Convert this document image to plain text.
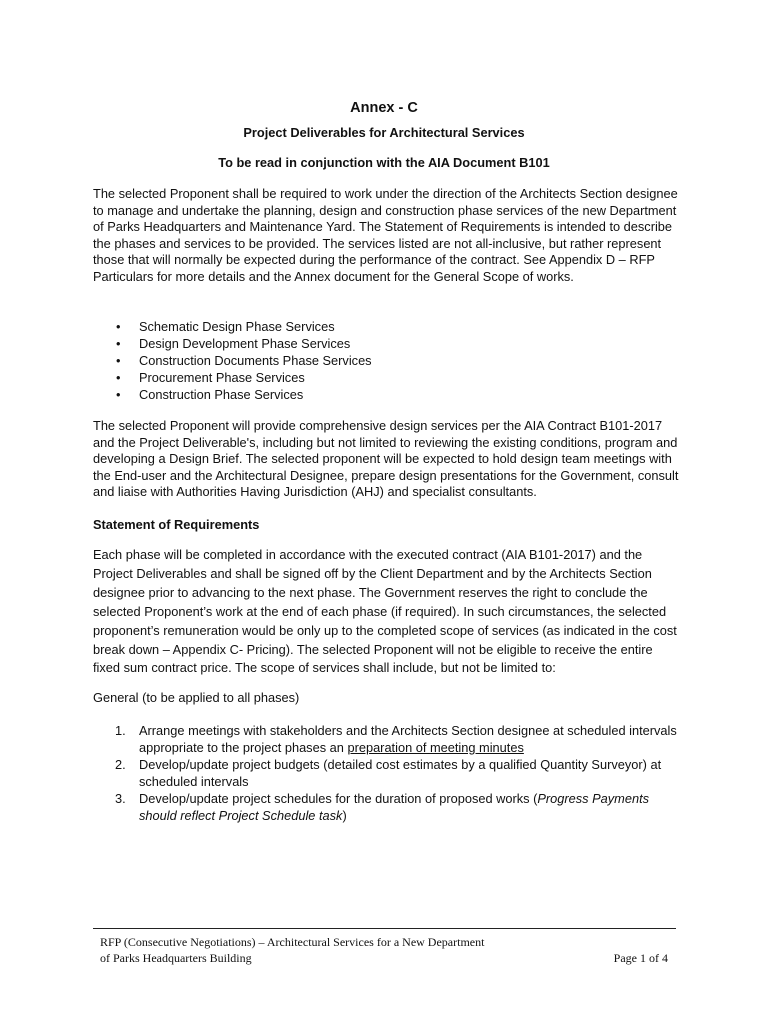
Annex - C
Project Deliverables for Architectural Services
To be read in conjunction with the AIA Document B101

The selected Proponent shall be required to work under the direction of the Architects Section designee to manage and undertake the planning, design and construction phase services of the new Department of Parks Headquarters and Maintenance Yard. The Statement of Requirements is intended to describe the phases and services to be provided. The services listed are not all-inclusive, but rather represent those that will normally be expected during the performance of the contract. See Appendix D – RFP Particulars for more details and the Annex document for the General Scope of works.

• Schematic Design Phase Services
• Design Development Phase Services
• Construction Documents Phase Services
• Procurement Phase Services
• Construction Phase Services

The selected Proponent will provide comprehensive design services per the AIA Contract B101-2017 and the Project Deliverable's, including but not limited to reviewing the existing conditions, program and developing a Design Brief. The selected proponent will be expected to hold design team meetings with the End-user and the Architectural Designee, prepare design presentations for the Government, consult and liaise with Authorities Having Jurisdiction (AHJ) and specialist consultants.

Statement of Requirements

Each phase will be completed in accordance with the executed contract (AIA B101-2017) and the Project Deliverables and shall be signed off by the Client Department and by the Architects Section designee prior to advancing to the next phase. The Government reserves the right to conclude the selected Proponent’s work at the end of each phase (if required). In such circumstances, the selected proponent’s remuneration would be only up to the completed scope of services (as indicated in the cost break down – Appendix C- Pricing). The selected Proponent will not be eligible to receive the entire fixed sum contract price. The scope of services shall include, but not be limited to:

General (to be applied to all phases)
1. Arrange meetings with stakeholders and the Architects Section designee at scheduled intervals appropriate to the project phases an preparation of meeting minutes
2. Develop/update project budgets (detailed cost estimates by a qualified Quantity Surveyor) at scheduled intervals
3. Develop/update project schedules for the duration of proposed works (Progress Payments should reflect Project Schedule task)
RFP (Consecutive Negotiations) – Architectural Services for a New Department
of Parks Headquarters Building	Page 1 of 4
